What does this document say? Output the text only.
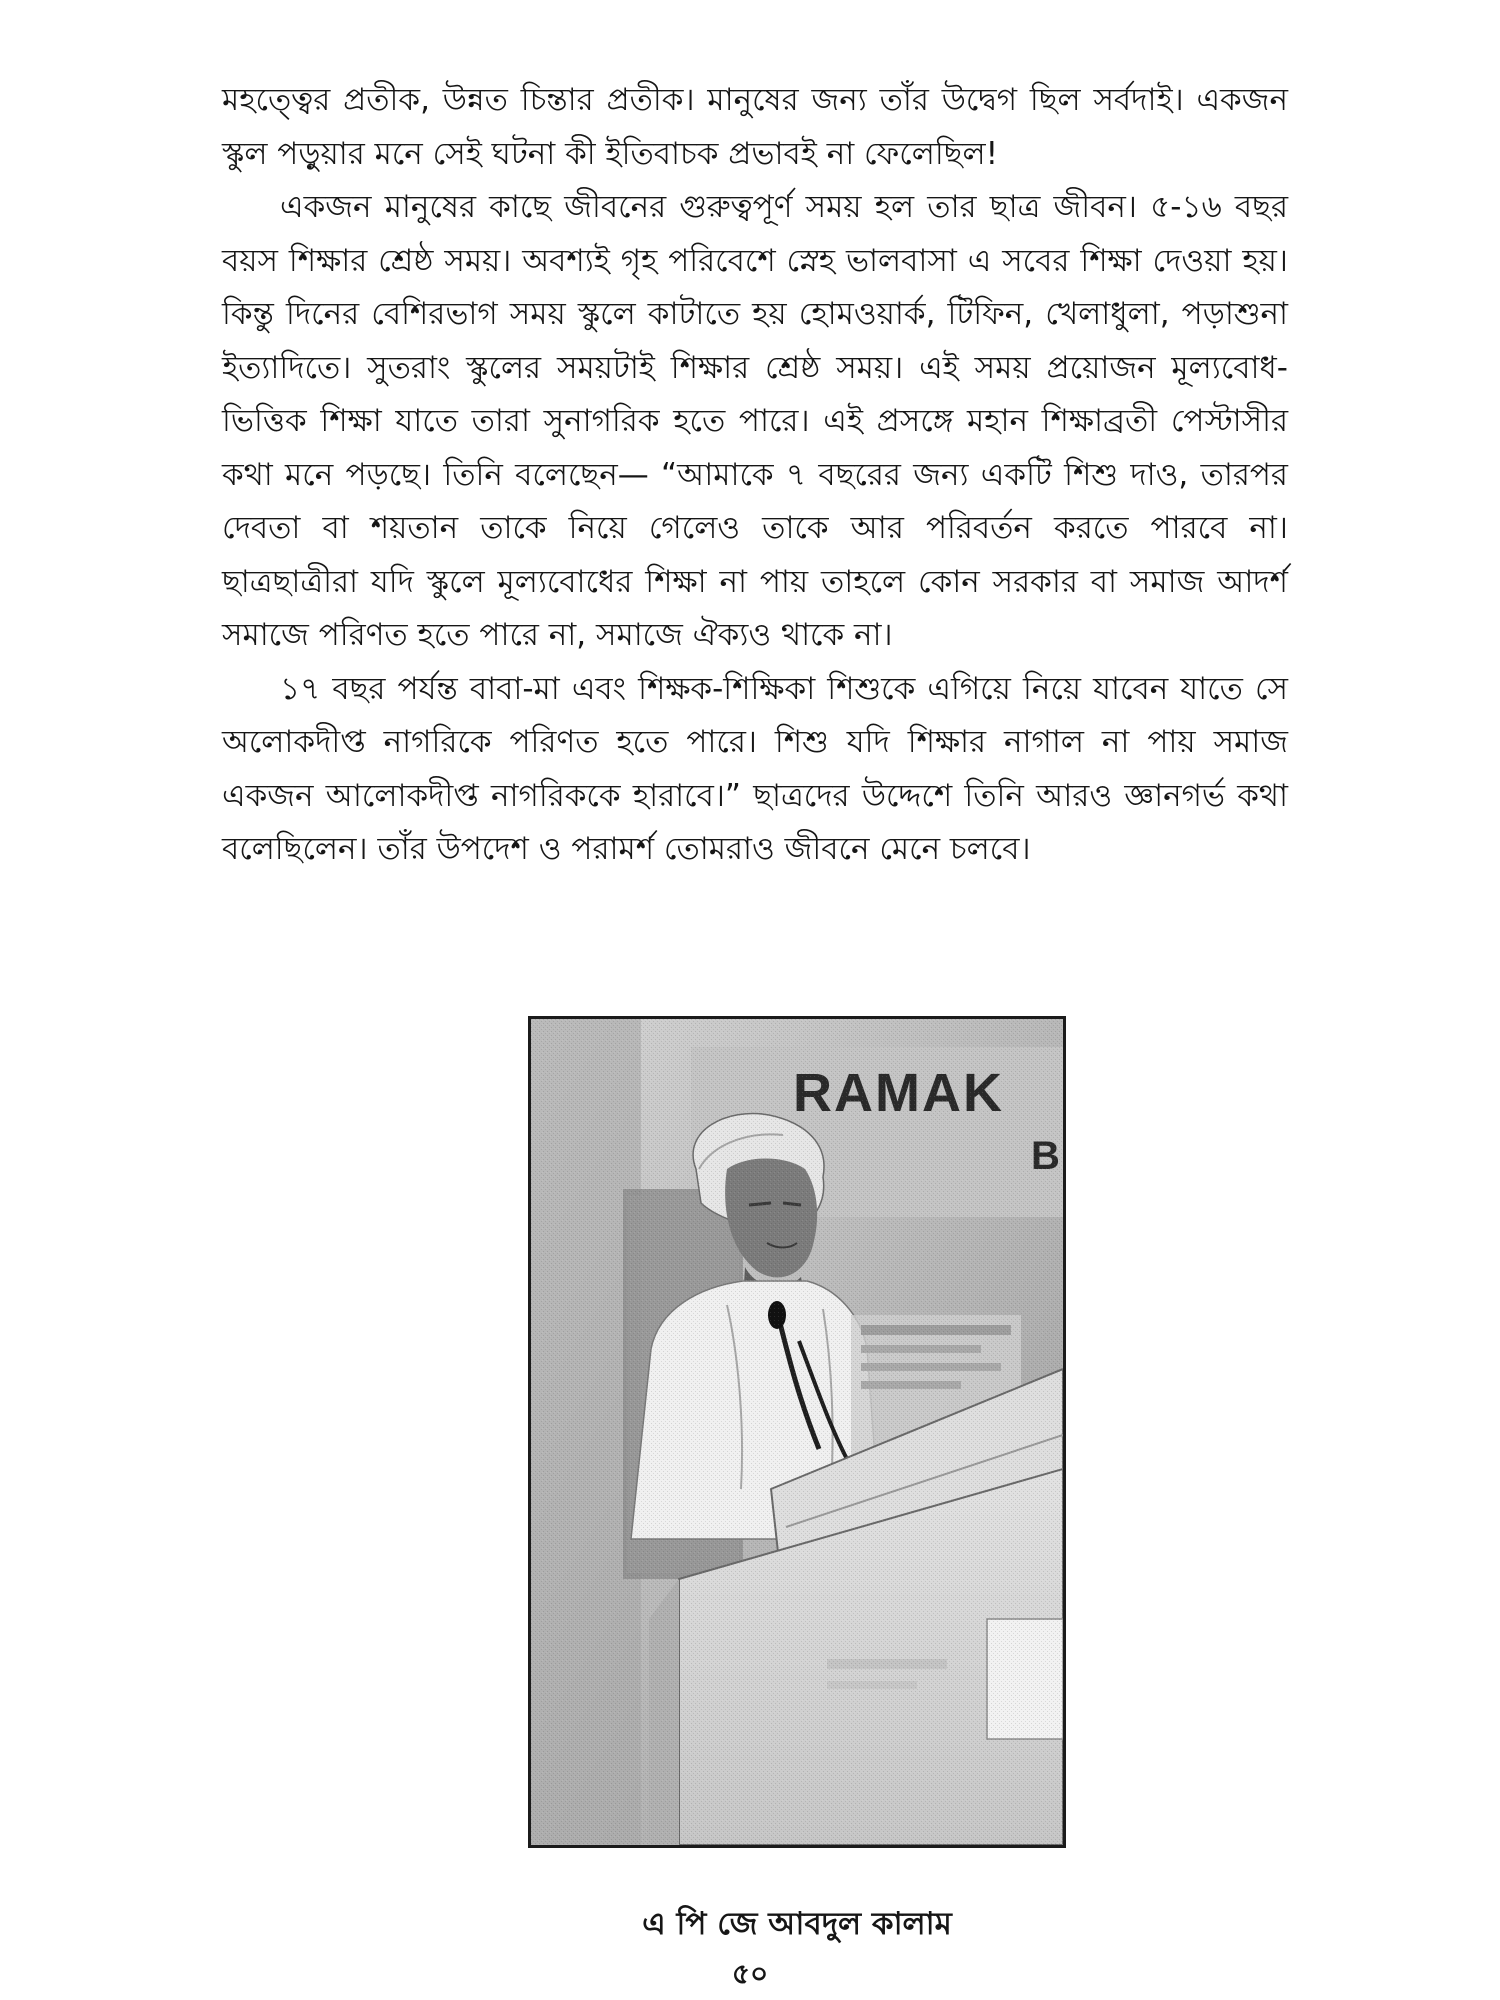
মহত্ত্বের প্রতীক, উন্নত চিন্তার প্রতীক। মানুষের জন্য তাঁর উদ্বেগ ছিল সর্বদাই। একজন স্কুল পড়ুয়ার মনে সেই ঘটনা কী ইতিবাচক প্রভাবই না ফেলেছিল!

একজন মানুষের কাছে জীবনের গুরুত্বপূর্ণ সময় হল তার ছাত্র জীবন। ৫-১৬ বছর বয়স শিক্ষার শ্রেষ্ঠ সময়। অবশ্যই গৃহ পরিবেশে স্নেহ ভালবাসা এ সবের শিক্ষা দেওয়া হয়। কিন্তু দিনের বেশিরভাগ সময় স্কুলে কাটাতে হয় হোমওয়ার্ক, টিফিন, খেলাধুলা, পড়াশুনা ইত্যাদিতে। সুতরাং স্কুলের সময়টাই শিক্ষার শ্রেষ্ঠ সময়। এই সময় প্রয়োজন মূল্যবোধ-ভিত্তিক শিক্ষা যাতে তারা সুনাগরিক হতে পারে। এই প্রসঙ্গে মহান শিক্ষাব্রতী পেস্টাসীর কথা মনে পড়ছে। তিনি বলেছেন— “আমাকে ৭ বছরের জন্য একটি শিশু দাও, তারপর দেবতা বা শয়তান তাকে নিয়ে গেলেও তাকে আর পরিবর্তন করতে পারবে না। ছাত্রছাত্রীরা যদি স্কুলে মূল্যবোধের শিক্ষা না পায় তাহলে কোন সরকার বা সমাজ আদর্শ সমাজে পরিণত হতে পারে না, সমাজে ঐক্যও থাকে না।

১৭ বছর পর্যন্ত বাবা-মা এবং শিক্ষক-শিক্ষিকা শিশুকে এগিয়ে নিয়ে যাবেন যাতে সে অলোকদীপ্ত নাগরিকে পরিণত হতে পারে। শিশু যদি শিক্ষার নাগাল না পায় সমাজ একজন আলোকদীপ্ত নাগরিককে হারাবে।” ছাত্রদের উদ্দেশে তিনি আরও জ্ঞানগর্ভ কথা বলেছিলেন। তাঁর উপদেশ ও পরামর্শ তোমরাও জীবনে মেনে চলবে।

এ পি জে আবদুল কালাম

৫০
